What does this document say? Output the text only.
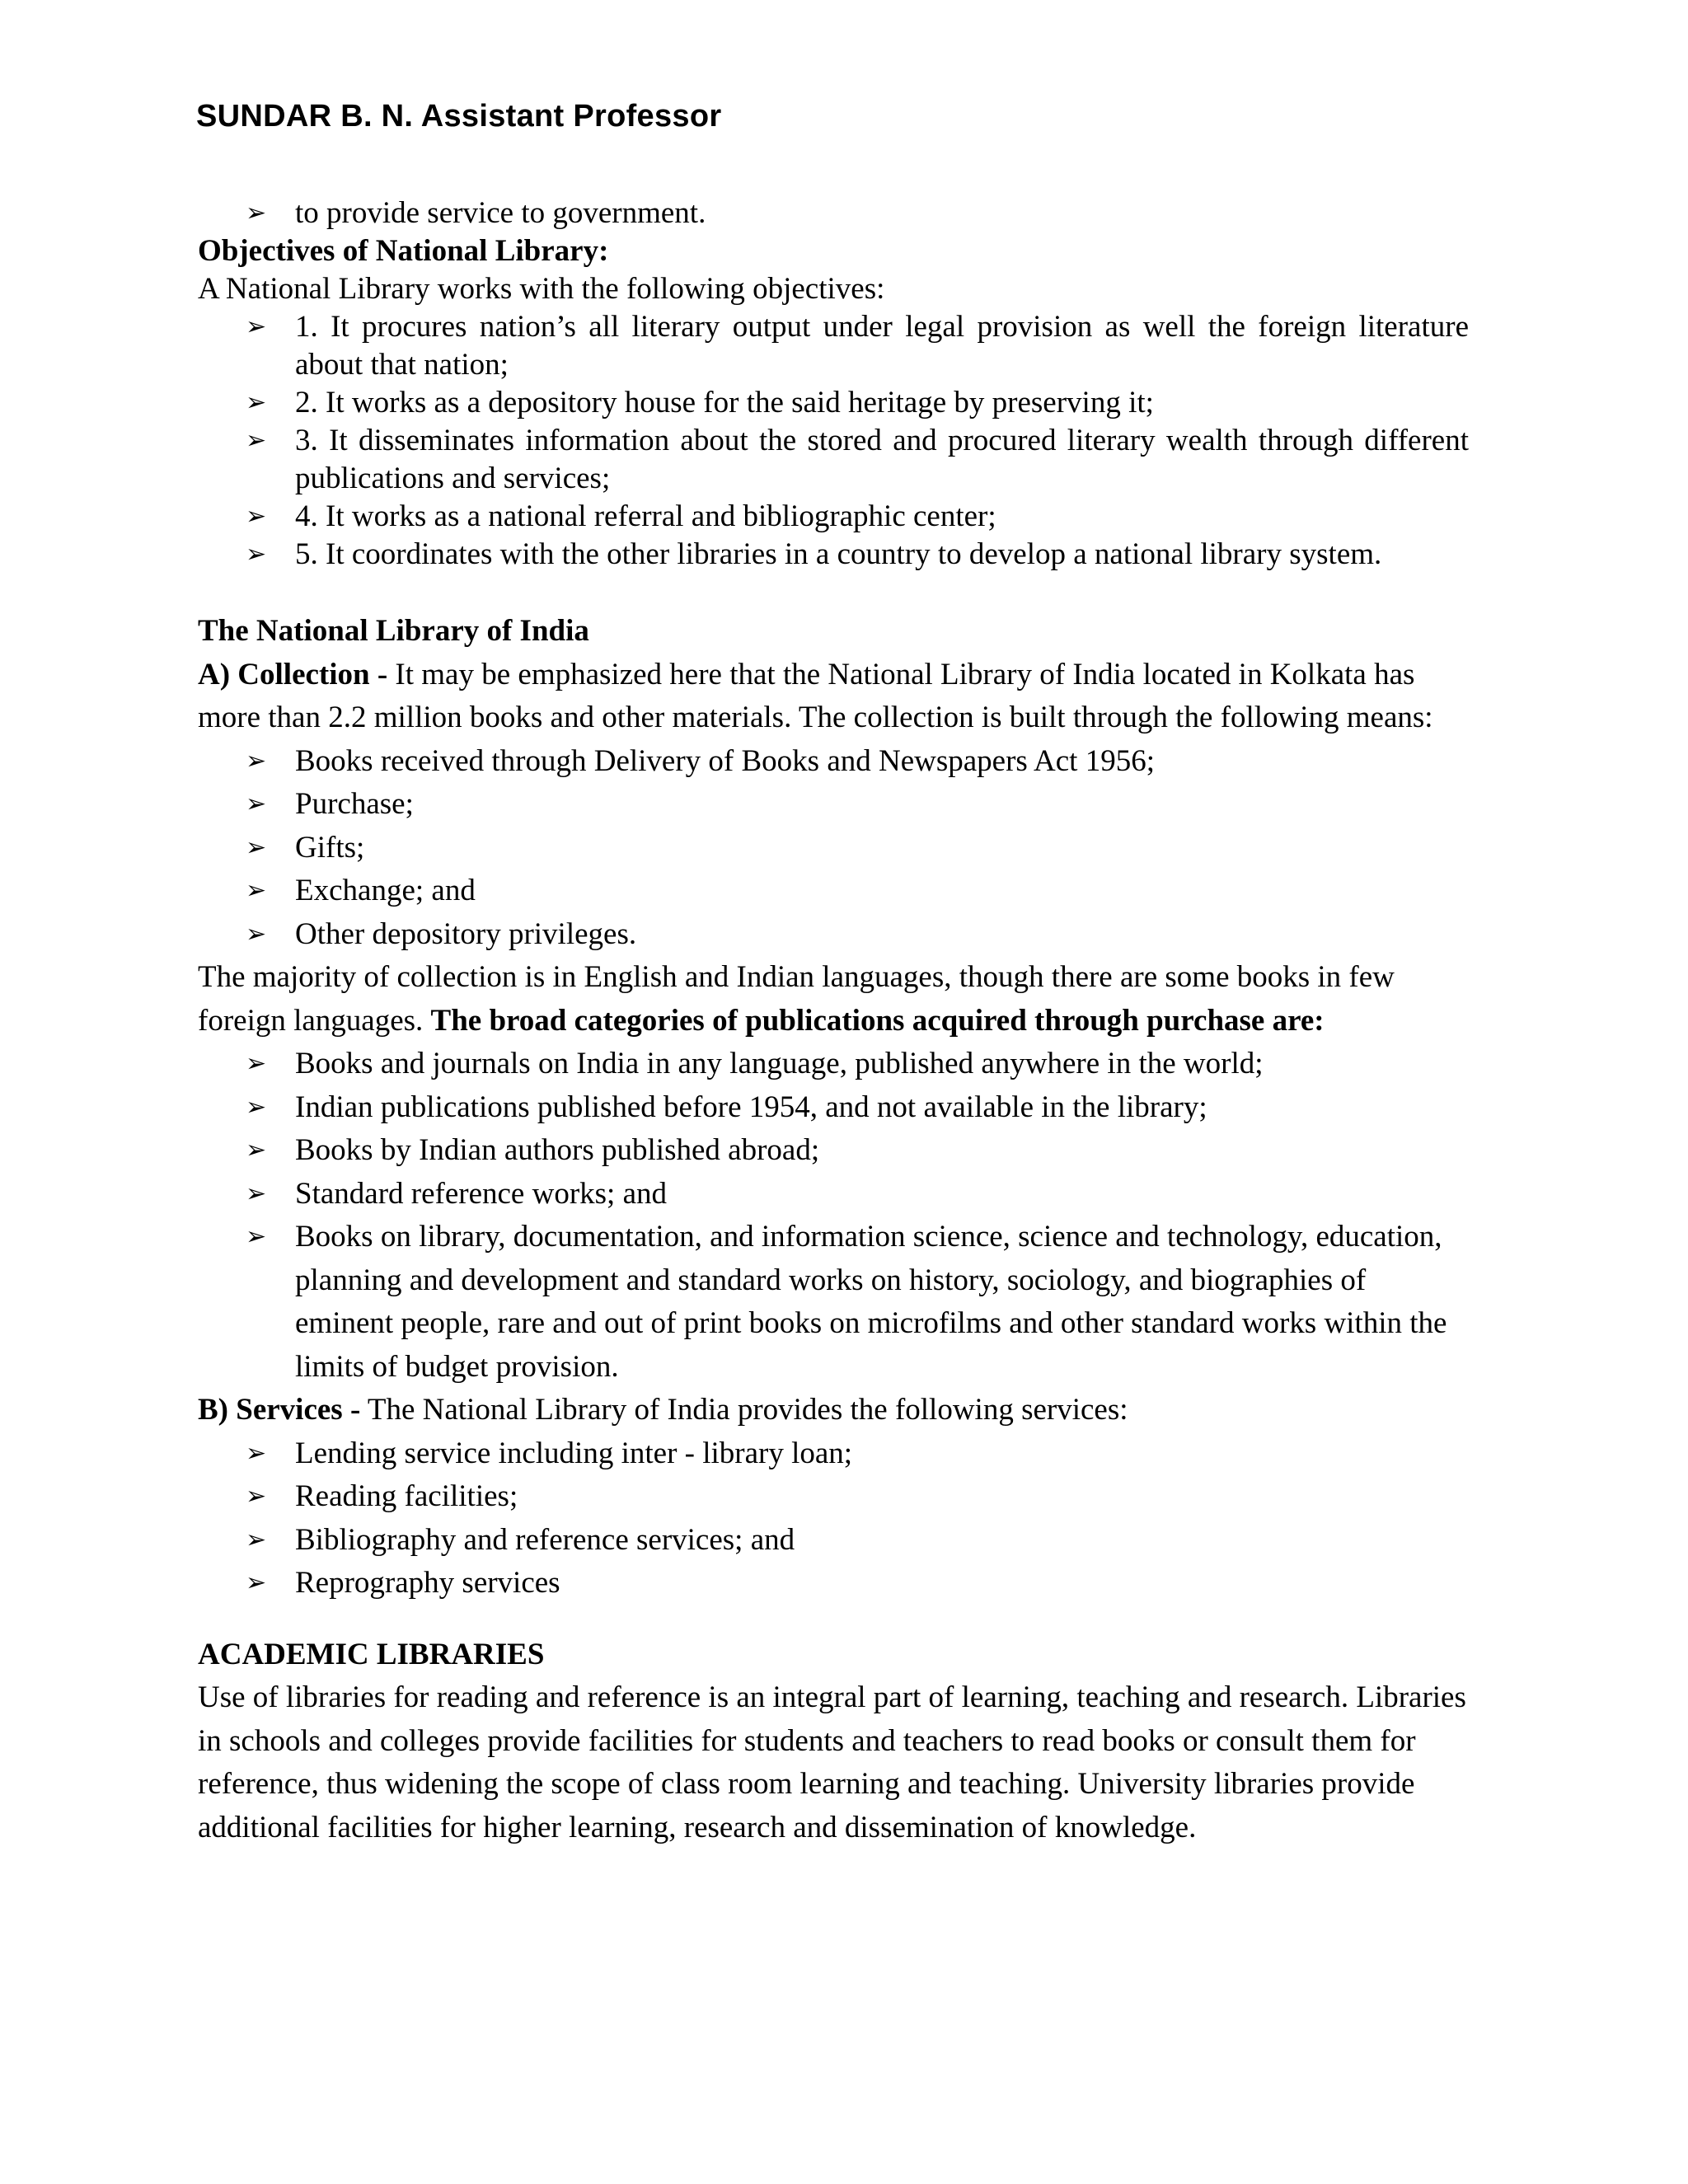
SUNDAR B. N. Assistant Professor
➢ to provide service to government.

Objectives of National Library:

A National Library works with the following objectives:

➢ 1. It procures nation’s all literary output under legal provision as well the foreign literature about that nation;
➢ 2. It works as a depository house for the said heritage by preserving it;
➢ 3. It disseminates information about the stored and procured literary wealth through different publications and services;
➢ 4. It works as a national referral and bibliographic center;
➢ 5. It coordinates with the other libraries in a country to develop a national library system.

The National Library of India

A) Collection - It may be emphasized here that the National Library of India located in Kolkata has more than 2.2 million books and other materials. The collection is built through the following means:

➢ Books received through Delivery of Books and Newspapers Act 1956;
➢ Purchase;
➢ Gifts;
➢ Exchange; and
➢ Other depository privileges.

The majority of collection is in English and Indian languages, though there are some books in few foreign languages. The broad categories of publications acquired through purchase are:

➢ Books and journals on India in any language, published anywhere in the world;
➢ Indian publications published before 1954, and not available in the library;
➢ Books by Indian authors published abroad;
➢ Standard reference works; and
➢ Books on library, documentation, and information science, science and technology, education, planning and development and standard works on history, sociology, and biographies of eminent people, rare and out of print books on microfilms and other standard works within the limits of budget provision.

B) Services - The National Library of India provides the following services:

➢ Lending service including inter - library loan;
➢ Reading facilities;
➢ Bibliography and reference services; and
➢ Reprography services

ACADEMIC LIBRARIES

Use of libraries for reading and reference is an integral part of learning, teaching and research. Libraries in schools and colleges provide facilities for students and teachers to read books or consult them for reference, thus widening the scope of class room learning and teaching. University libraries provide additional facilities for higher learning, research and dissemination of knowledge.
